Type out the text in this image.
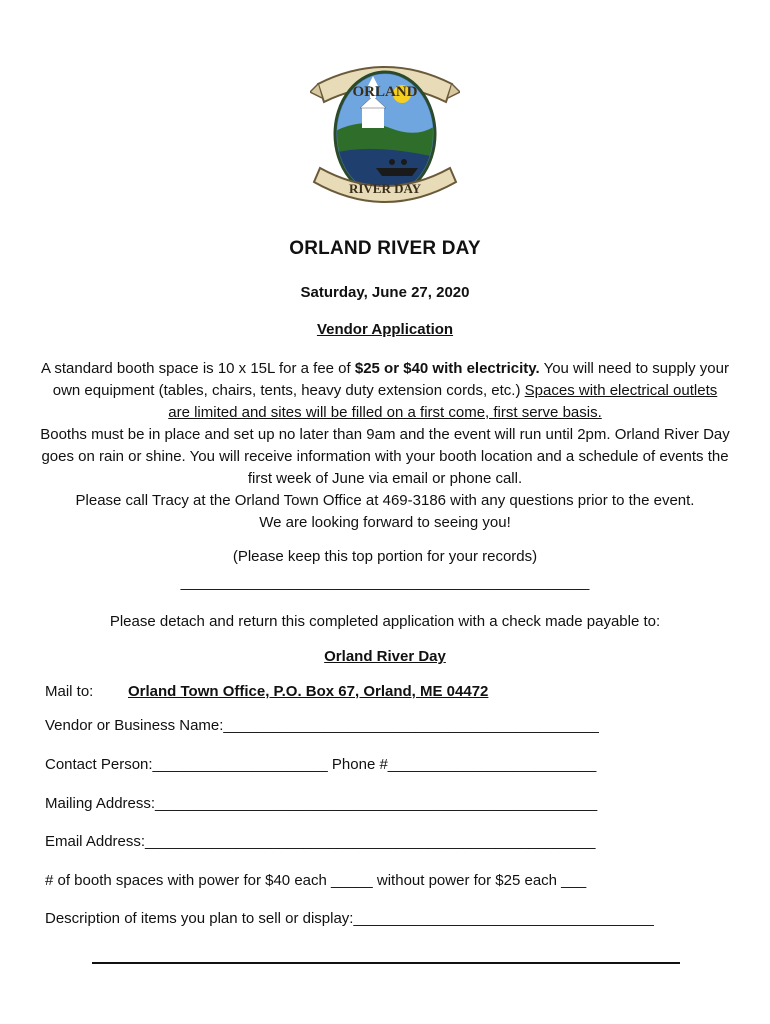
ORLAND
RIVER DAY
ORLAND RIVER DAY
Saturday, June 27, 2020
Vendor Application
A standard booth space is 10 x 15L for a fee of $25 or $40 with electricity. You will need to supply your own equipment (tables, chairs, tents, heavy duty extension cords, etc.) Spaces with electrical outlets are limited and sites will be filled on a first come, first serve basis.
Booths must be in place and set up no later than 9am and the event will run until 2pm. Orland River Day goes on rain or shine. You will receive information with your booth location and a schedule of events the first week of June via email or phone call.
Please call Tracy at the Orland Town Office at 469-3186 with any questions prior to the event.
We are looking forward to seeing you!
(Please keep this top portion for your records)
_________________________________________________
Please detach and return this completed application with a check made payable to:
Orland River Day
Mail to: Orland Town Office, P.O. Box 67, Orland, ME 04472
Vendor or Business Name:_____________________________________________
Contact Person:_____________________ Phone #_________________________
Mailing Address:_____________________________________________________
Email Address:______________________________________________________
# of booth spaces with power for $40 each _____ without power for $25 each ___
Description of items you plan to sell or display:____________________________________
